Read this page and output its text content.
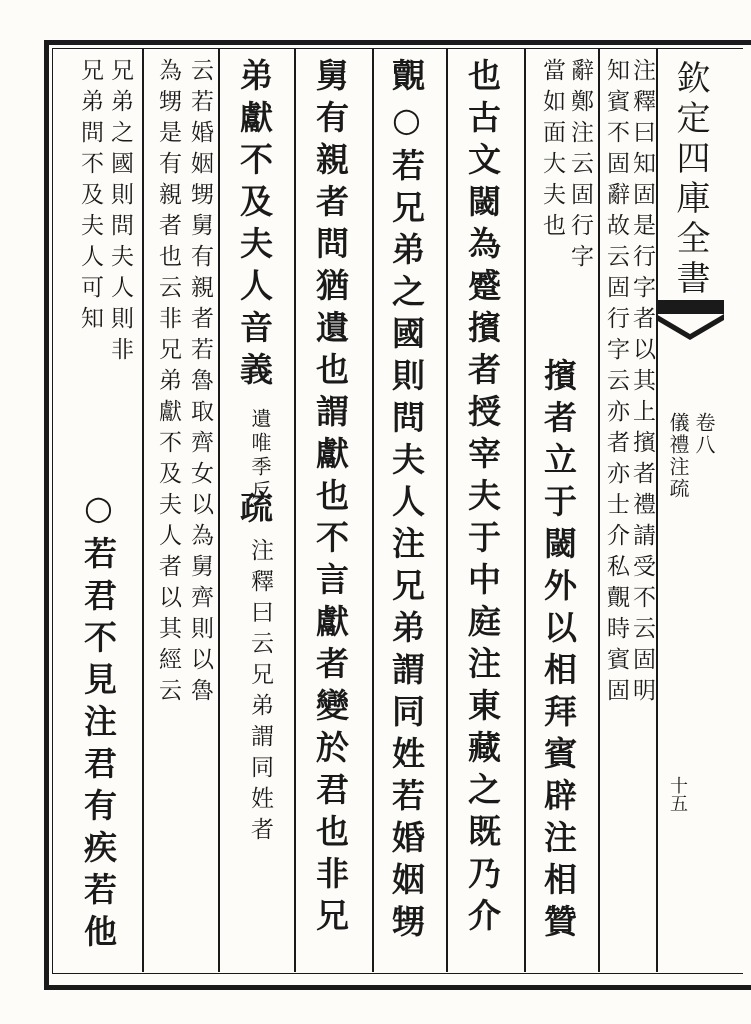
欽定四庫全書
儀禮注疏 卷八
十五
注釋曰知固是行字者以其上擯者禮請受不云固明
知賓不固辭故云固行字云亦者亦士介私覿時賓固
辭鄭注云固行字
當如面大夫也
擯者立于閾外以相拜賓辟注相贊
也古文閾為蹙擯者授宰夫于中庭注東藏之既乃介
覿○若兄弟之國則問夫人注兄弟謂同姓若婚姻甥
舅有親者問猶遺也謂獻也不言獻者變於君也非兄
弟獻不及夫人音義
遺唯季反
疏
注釋曰云兄弟謂同姓者
云若婚姻甥舅有親者若魯取齊女以為舅齊則以魯
為甥是有親者也云非兄弟獻不及夫人者以其經云
兄弟之國則問夫人則非
兄弟問不及夫人可知
○若君不見注君有疾若他
